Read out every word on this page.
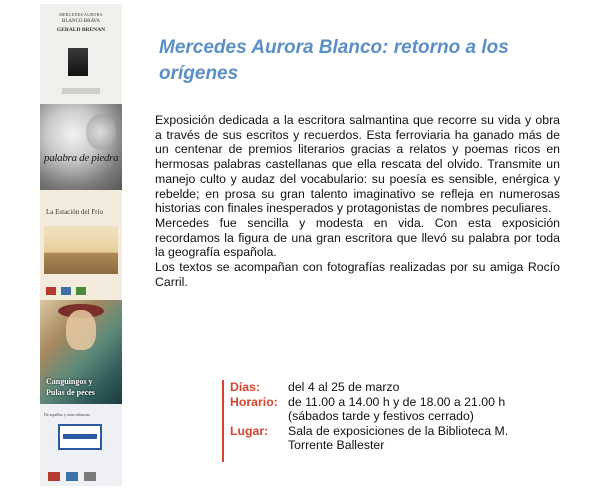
MERCEDES AURORA
BLANCO BRAVA
GERALD BRENAN
palabra de piedra
La Estación del Frío
Canguingos y
Pulas de peces
De aquellas y otras infancias
Mercedes Aurora Blanco: retorno a los orígenes

Exposición dedicada a la escritora salmantina que recorre su vida y obra a través de sus escritos y recuerdos. Esta ferroviaria ha ganado más de un centenar de premios literarios gracias a relatos y poemas ricos en hermosas palabras castellanas que ella rescata del olvido. Transmite un manejo culto y audaz del vocabulario: su poesía es sensible, enérgica y rebelde; en prosa su gran talento imaginativo se refleja en numerosas historias con finales inesperados y protagonistas de nombres peculiares.

Mercedes fue sencilla y modesta en vida. Con esta exposición recordamos la figura de una gran escritora que llevó su palabra por toda la geografía española.

Los textos se acompañan con fotografías realizadas por su amiga Rocío Carril.

Días: del 4 al 25 de marzo
Horario: de 11.00 a 14.00 h y de 18.00 a 21.00 h
(sábados tarde y festivos cerrado)
Lugar: Sala de exposiciones de la Biblioteca M.
Torrente Ballester
